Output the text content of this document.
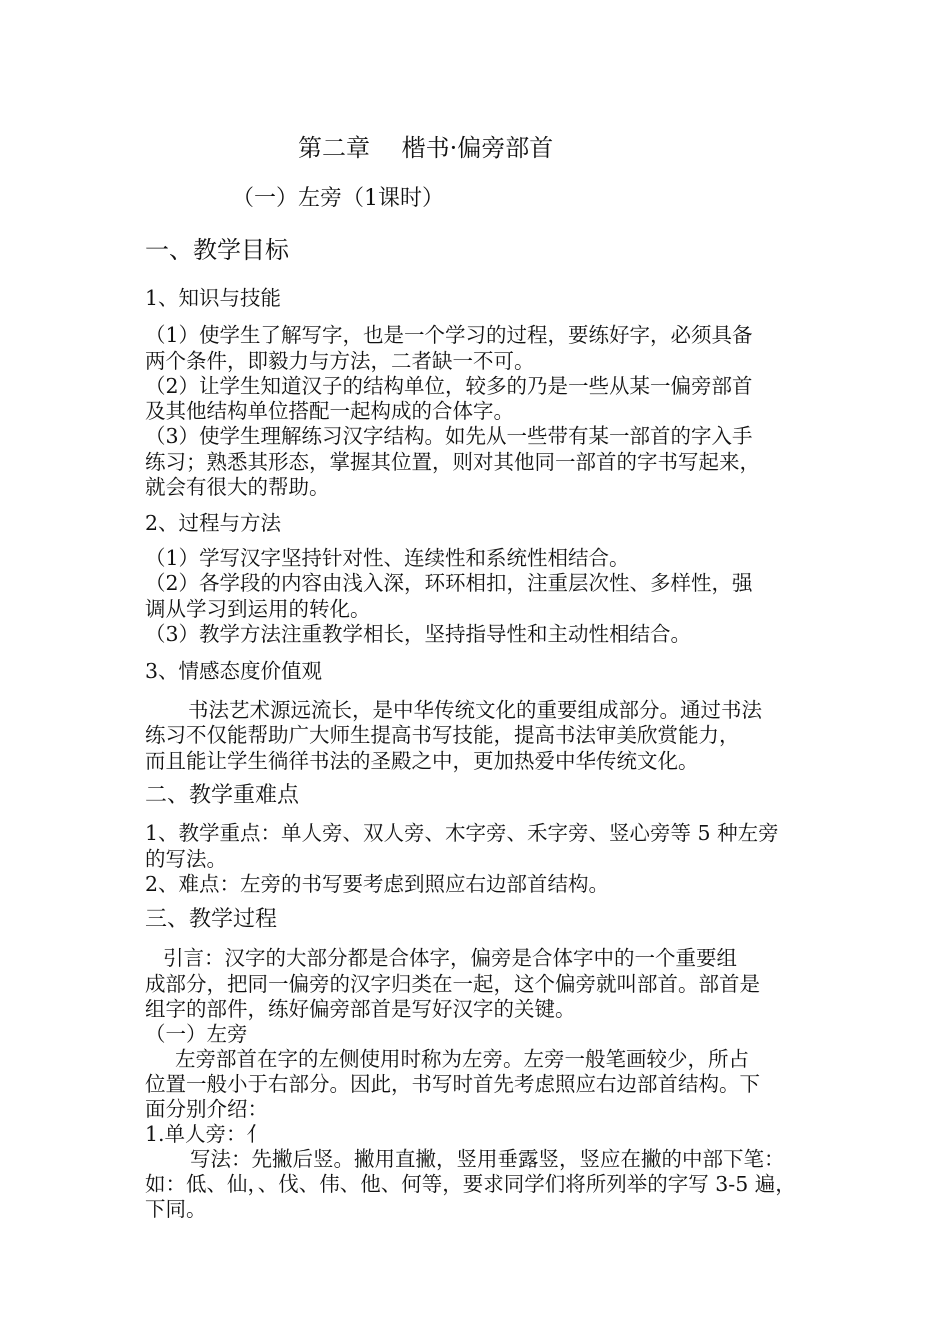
第二章　 楷书·偏旁部首
（一）左旁（1课时）
一、教学目标
1、知识与技能
（1）使学生了解写字，也是一个学习的过程，要练好字，必须具备
两个条件，即毅力与方法，二者缺一不可。
（2）让学生知道汉子的结构单位，较多的乃是一些从某一偏旁部首
及其他结构单位搭配一起构成的合体字。
（3）使学生理解练习汉字结构。如先从一些带有某一部首的字入手
练习；熟悉其形态，掌握其位置，则对其他同一部首的字书写起来，
就会有很大的帮助。
2、过程与方法
（1）学写汉字坚持针对性、连续性和系统性相结合。
（2）各学段的内容由浅入深，环环相扣，注重层次性、多样性，强
调从学习到运用的转化。
（3）教学方法注重教学相长，坚持指导性和主动性相结合。
3、情感态度价值观
书法艺术源远流长，是中华传统文化的重要组成部分。通过书法
练习不仅能帮助广大师生提高书写技能，提高书法审美欣赏能力，
而且能让学生徜徉书法的圣殿之中，更加热爱中华传统文化。
二、教学重难点
1、教学重点：单人旁、双人旁、木字旁、禾字旁、竖心旁等 5 种左旁
的写法。
2、难点：左旁的书写要考虑到照应右边部首结构。
三、教学过程
引言：汉字的大部分都是合体字，偏旁是合体字中的一个重要组
成部分，把同一偏旁的汉字归类在一起，这个偏旁就叫部首。部首是
组字的部件，练好偏旁部首是写好汉字的关键。
（一）左旁
左旁部首在字的左侧使用时称为左旁。左旁一般笔画较少，所占
位置一般小于右部分。因此，书写时首先考虑照应右边部首结构。下
面分别介绍：
1.单人旁：亻
写法：先撇后竖。撇用直撇，竖用垂露竖，竖应在撇的中部下笔：
如：低、仙，、伐、伟、他、何等，要求同学们将所列举的字写 3-5 遍，
下同。
